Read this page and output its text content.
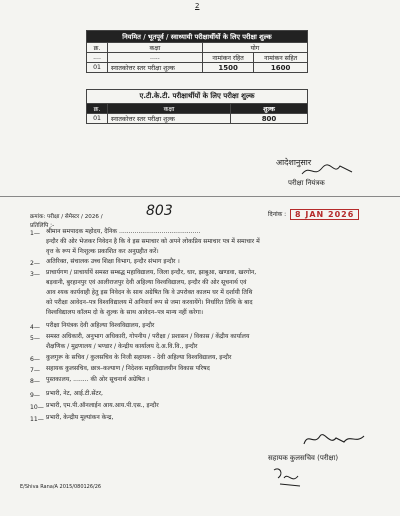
2
नियमित / भूतपूर्व / स्वाध्यायी परीक्षार्थीयों के लिए परीक्षा शुल्क			
क्र.	कक्षा	योग	
....	.....	नामांकन रहित	नामांकन सहित
01	स्नातकोत्तर स्तर परीक्षा शुल्क	1500	1600
ए.टी.के.टी. परीक्षार्थीयों के लिए परीक्षा शुल्क		
क्र.	कक्षा	शुल्क
01	स्नातकोत्तर स्तर परीक्षा शुल्क	800
आदेशानुसार
परीक्षा नियंत्रक
क्रमांक: परीक्षा / सेमेस्टर / 2026 /	803	दिनांक :	8 JAN 2026
प्रतिलिपि :-
1— श्रीमान समपादक महोदय, दैनिक ..........................................
इन्दौर की ओर भेजकर निवेदन है कि वे इस समाचार को अपने लोकप्रिय समाचार पत्र में समाचार में
वृत्त के रूप में निःशुल्क प्रकाशित कर अनुग्रहीत करें।
2— अतिरिक्त, संचालक उच्च शिक्षा विभाग, इन्दौर संभाग इन्दौर ।
3— प्राचार्यगण / प्राचार्यायें समस्त सम्बद्ध महाविद्यालय, जिला इन्दौर, धार, झाबुआ, खण्डवा, खरगोन,
बड़वानी, बुरहानपुर एवं आलीराजपुर देवी अहिल्या विश्वविद्यालय, इन्दौर की ओर सूचनार्थ एवं
आव श्यक कार्यवाही हेतु इस निवेदन के साथ अग्रेषित कि वे उपरोक्त कालम घर में दर्शायी तिथि
को परीक्षा आवेदन–पत्र विश्वविद्यालय में अनिवार्य रूप से जमा करवायेंगे। निर्धारित तिथि के बाद
विश्वविद्यालय कॉलम दो के शुल्क के साथ आवेदन–पत्र मान्य नहीं करेगा।
4— परीक्षा नियंत्रक देवी अहिल्या विश्वविद्यालय, इन्दौर
5— समस्त अधिकारी, अनुभाग अधिकारी, गोपनीय / परीक्षा / प्रशासन / विकास / केंद्रीय कार्यालय
शैक्षणिक / मुद्रणालय / भण्डार / केन्द्रीय कार्यालय दे.अ.वि.वि., इन्दौर
6— कुलगुरू के सचिव / कुलसचिव के निजी सहायक - देवी अहिल्या विश्वविद्यालय, इन्दौर
7— सहायक कुलसचिव, छात्र–कल्याण / निदेशक महाविद्यालयीन विकास परिषद
8— पुस्तकालय, ........ की ओर सूचनार्थ अग्रेषित ।
9— प्रभारी, नेट, आई.टी.सेंटर,
10— प्रभारी, एम.पी.ऑनलाईन आय.आय.पी.एस., इन्दौर
11— प्रभारी, केन्द्रीय मूल्यांकन केन्द्र,
सहायक कुलसचिव (परीक्षा)
E/Shiva Rana/A 2015/080126/26
